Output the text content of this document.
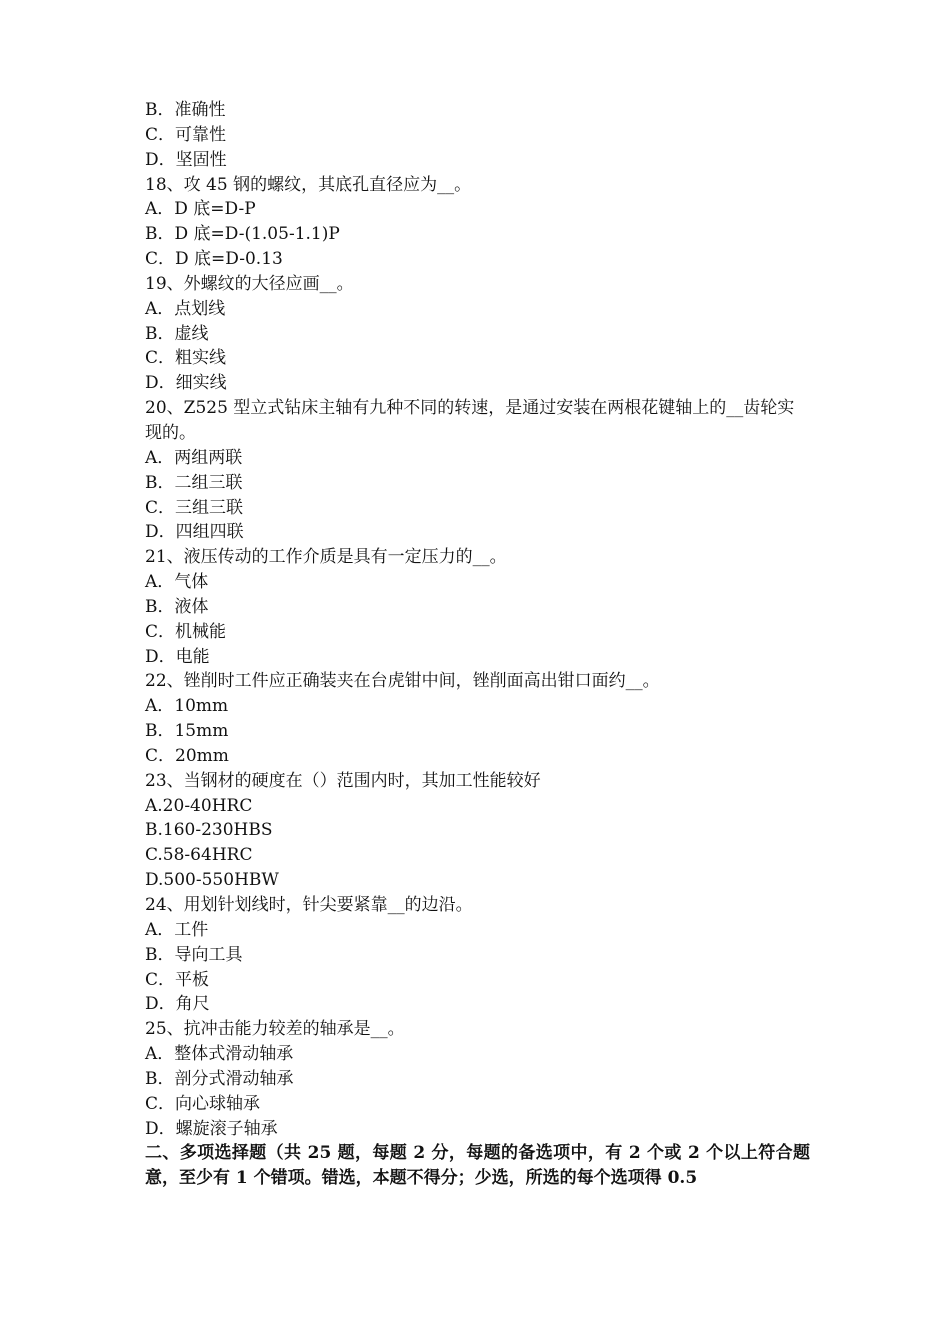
B．准确性
C．可靠性
D．坚固性
18、攻 45 钢的螺纹，其底孔直径应为__。
A．D 底=D-P
B．D 底=D-(1.05-1.1)P
C．D 底=D-0.13
19、外螺纹的大径应画__。
A．点划线
B．虚线
C．粗实线
D．细实线
20、Z525 型立式钻床主轴有九种不同的转速，是通过安装在两根花键轴上的__齿轮实现的。
A．两组两联
B．二组三联
C．三组三联
D．四组四联
21、液压传动的工作介质是具有一定压力的__。
A．气体
B．液体
C．机械能
D．电能
22、锉削时工件应正确装夹在台虎钳中间，锉削面高出钳口面约__。
A．10mm
B．15mm
C．20mm
23、当钢材的硬度在（）范围内时，其加工性能较好
A.20-40HRC
B.160-230HBS
C.58-64HRC
D.500-550HBW
24、用划针划线时，针尖要紧靠__的边沿。
A．工件
B．导向工具
C．平板
D．角尺
25、抗冲击能力较差的轴承是__。
A．整体式滑动轴承
B．剖分式滑动轴承
C．向心球轴承
D．螺旋滚子轴承
二、多项选择题（共 25 题，每题 2 分，每题的备选项中，有 2 个或 2 个以上符合题意，至少有 1 个错项。错选，本题不得分；少选，所选的每个选项得 0.5
